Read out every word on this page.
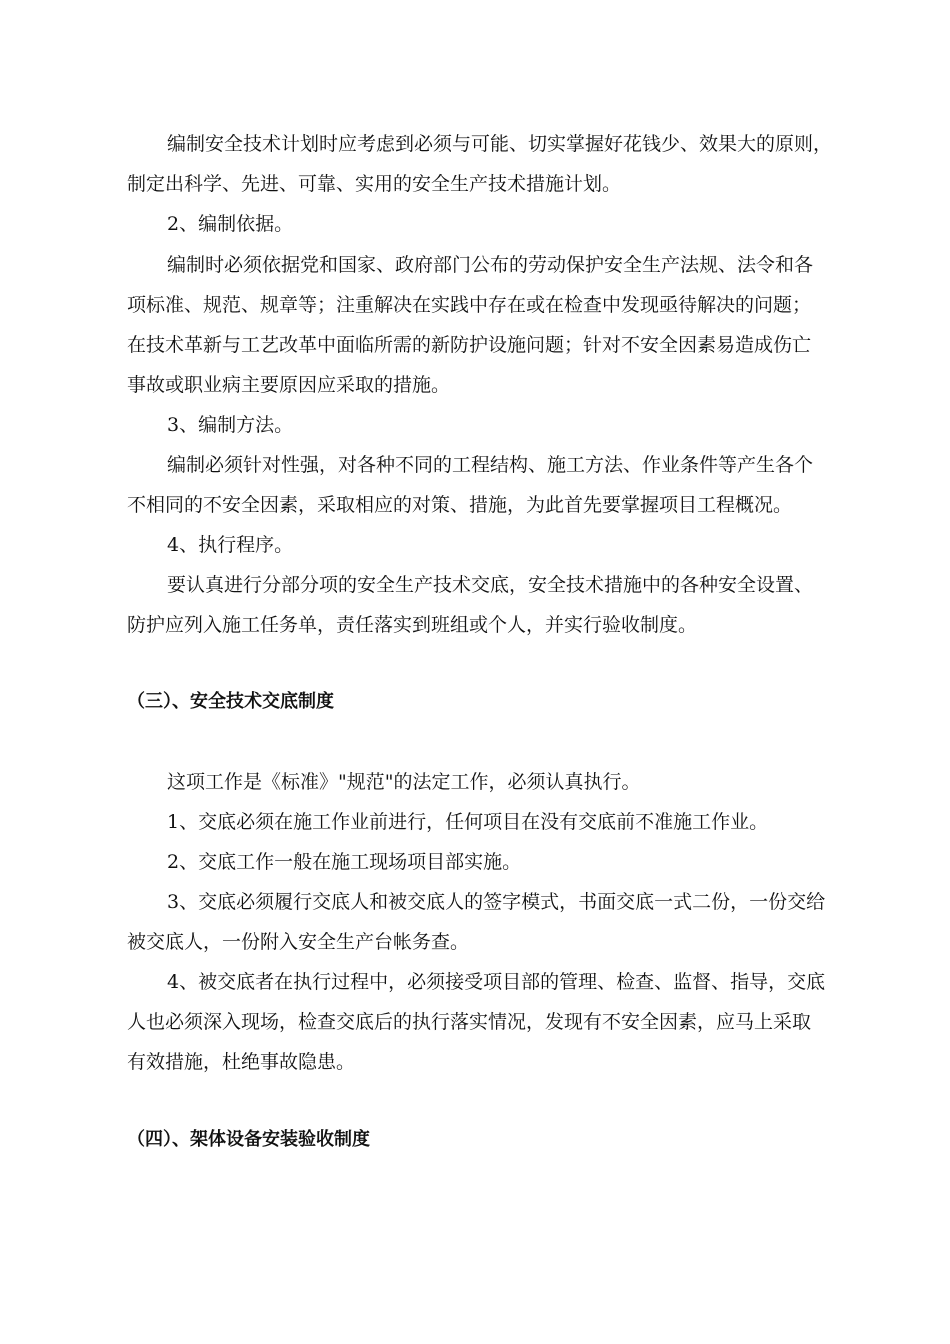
编制安全技术计划时应考虑到必须与可能、切实掌握好花钱少、效果大的原则，
制定出科学、先进、可靠、实用的安全生产技术措施计划。
2、编制依据。
编制时必须依据党和国家、政府部门公布的劳动保护安全生产法规、法令和各
项标准、规范、规章等；注重解决在实践中存在或在检查中发现亟待解决的问题；
在技术革新与工艺改革中面临所需的新防护设施问题；针对不安全因素易造成伤亡
事故或职业病主要原因应采取的措施。
3、编制方法。
编制必须针对性强，对各种不同的工程结构、施工方法、作业条件等产生各个
不相同的不安全因素，采取相应的对策、措施，为此首先要掌握项目工程概况。
4、执行程序。
要认真进行分部分项的安全生产技术交底，安全技术措施中的各种安全设置、
防护应列入施工任务单，责任落实到班组或个人，并实行验收制度。
（三）、安全技术交底制度
这项工作是《标准》"规范"的法定工作，必须认真执行。
1、交底必须在施工作业前进行，任何项目在没有交底前不准施工作业。
2、交底工作一般在施工现场项目部实施。
3、交底必须履行交底人和被交底人的签字模式，书面交底一式二份，一份交给
被交底人，一份附入安全生产台帐务查。
4、被交底者在执行过程中，必须接受项目部的管理、检查、监督、指导，交底
人也必须深入现场，检查交底后的执行落实情况，发现有不安全因素，应马上采取
有效措施，杜绝事故隐患。
（四）、架体设备安装验收制度
